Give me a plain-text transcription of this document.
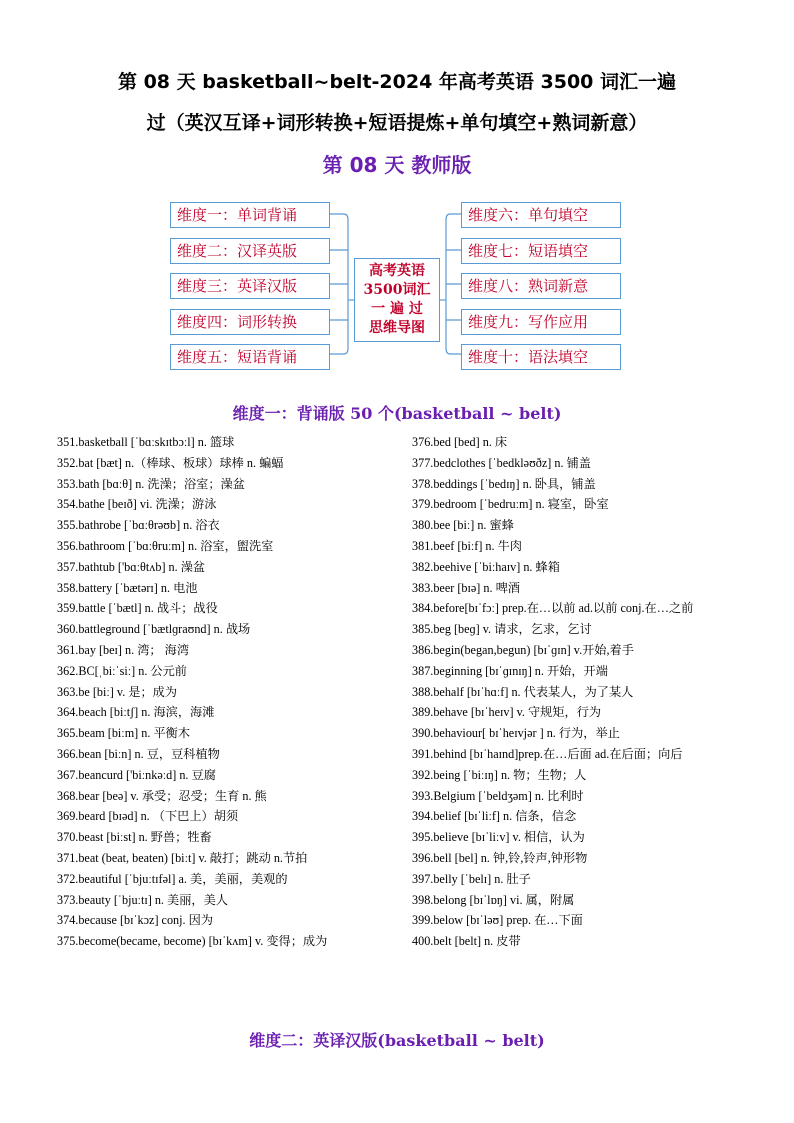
第 08 天 basketball~belt-2024 年高考英语 3500 词汇一遍
过（英汉互译+词形转换+短语提炼+单句填空+熟词新意）
第 08 天 教师版
维度一：单词背诵
维度二：汉译英版
维度三：英译汉版
维度四：词形转换
维度五：短语背诵
高考英语
3500词汇
一 遍 过
思维导图
维度六：单句填空
维度七：短语填空
维度八：熟词新意
维度九：写作应用
维度十：语法填空
维度一：背诵版 50 个(basketball ~ belt)
351.basketball [ˈbɑːskɪtbɔːl] n. 篮球
352.bat [bæt] n.（棒球、板球）球棒 n. 蝙蝠
353.bath [bɑːθ] n. 洗澡；浴室；澡盆
354.bathe [beɪð] vi. 洗澡；游泳
355.bathrobe [ˈbɑːθrəʊb] n. 浴衣
356.bathroom [ˈbɑːθruːm] n. 浴室，盥洗室
357.bathtub ['bɑːθtʌb] n. 澡盆
358.battery [ˈbætərɪ] n. 电池
359.battle [ˈbætl] n. 战斗；战役
360.battleground [ˈbætlɡraʊnd] n. 战场
361.bay [beɪ] n. 湾； 海湾
362.BC[ˌbiːˈsiː] n. 公元前
363.be [biː] v. 是；成为
364.beach [biːtʃ] n. 海滨，海滩
365.beam [biːm] n. 平衡木
366.bean [biːn] n. 豆，豆科植物
367.beancurd ['biːnkəːd] n. 豆腐
368.bear [beə] v. 承受；忍受；生育 n. 熊
369.beard [bɪəd] n. （下巴上）胡须
370.beast [biːst] n. 野兽；牲畜
371.beat (beat, beaten) [biːt] v. 敲打；跳动 n.节拍
372.beautiful [ˈbjuːtɪfəl] a. 美，美丽，美观的
373.beauty [ˈbjuːtɪ] n. 美丽，美人
374.because [bɪˈkɔz] conj. 因为
375.become(became, become) [bɪˈkʌm] v. 变得；成为
376.bed [bed] n. 床
377.bedclothes [ˈbedkləʊðz] n. 铺盖
378.beddings [ˈbedɪŋ] n. 卧具，铺盖
379.bedroom [ˈbedruːm] n. 寝室，卧室
380.bee [biː] n. 蜜蜂
381.beef [biːf] n. 牛肉
382.beehive [ˈbiːhaɪv] n. 蜂箱
383.beer [bɪə] n. 啤酒
384.before[bɪˈfɔː] prep.在…以前 ad.以前 conj.在…之前
385.beg [beɡ] v. 请求，乞求，乞讨
386.begin(began,begun) [bɪˈɡɪn] v.开始,着手
387.beginning [bɪˈɡɪnɪŋ] n. 开始，开端
388.behalf [bɪˈhɑːf] n. 代表某人，为了某人
389.behave [bɪˈheɪv] v. 守规矩，行为
390.behaviour[ bɪˈheɪvjər ] n. 行为，举止
391.behind [bɪˈhaɪnd]prep.在…后面 ad.在后面；向后
392.being [ˈbiːɪŋ] n. 物；生物；人
393.Belgium [ˈbeldʒəm] n. 比利时
394.belief [bɪˈliːf] n. 信条，信念
395.believe [bɪˈliːv] v. 相信，认为
396.bell [bel] n. 钟,铃,铃声,钟形物
397.belly [ˈbelɪ] n. 肚子
398.belong [bɪˈlɒŋ] vi. 属，附属
399.below [bɪˈləʊ] prep. 在…下面
400.belt [belt] n. 皮带
维度二：英译汉版(basketball ~ belt)
